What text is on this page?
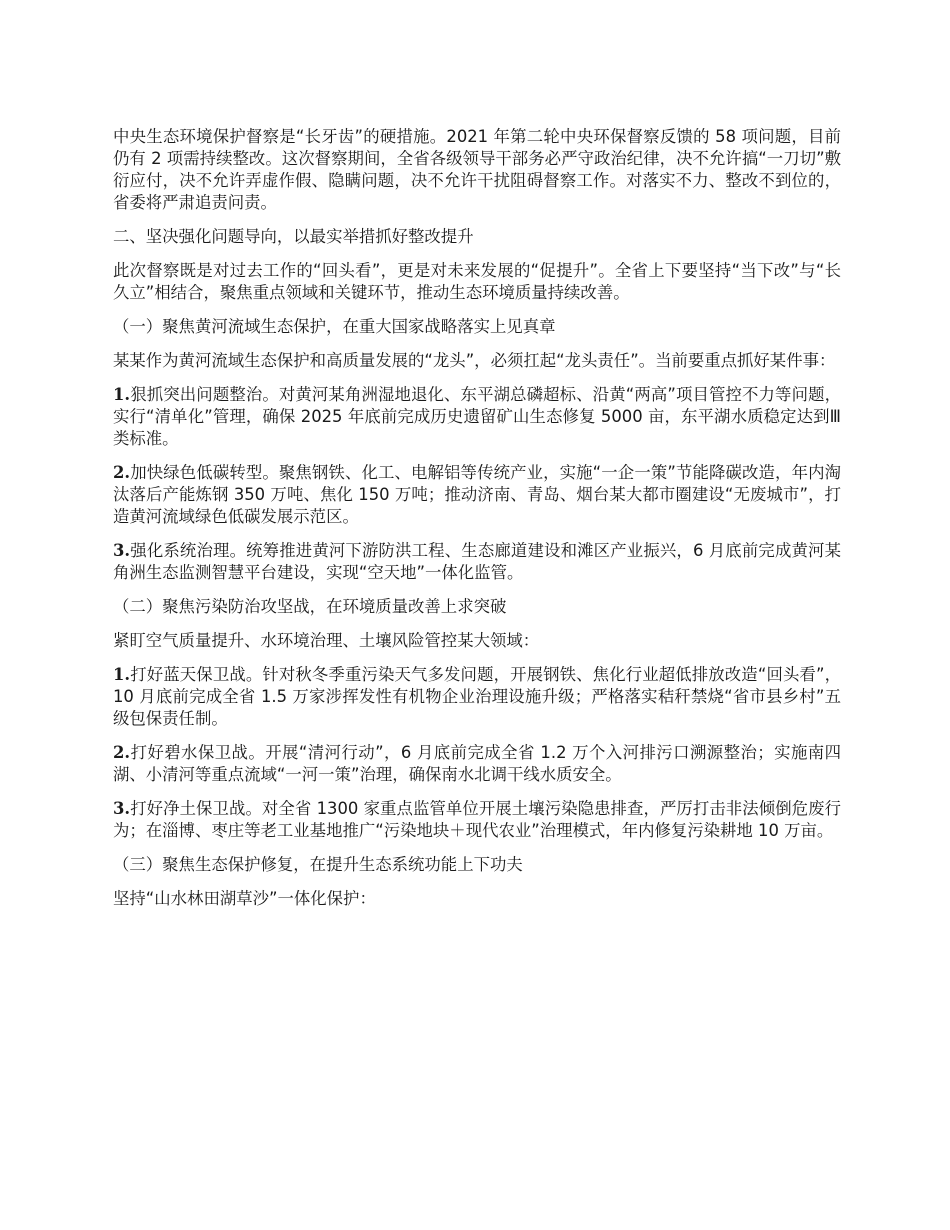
中央生态环境保护督察是“长牙齿”的硬措施。2021 年第二轮中央环保督察反馈的 58 项问题，目前仍有 2 项需持续整改。这次督察期间，全省各级领导干部务必严守政治纪律，决不允许搞“一刀切”敷衍应付，决不允许弄虚作假、隐瞒问题，决不允许干扰阻碍督察工作。对落实不力、整改不到位的，省委将严肃追责问责。

二、坚决强化问题导向，以最实举措抓好整改提升

此次督察既是对过去工作的“回头看”，更是对未来发展的“促提升”。全省上下要坚持“当下改”与“长久立”相结合，聚焦重点领域和关键环节，推动生态环境质量持续改善。

（一）聚焦黄河流域生态保护，在重大国家战略落实上见真章

某某作为黄河流域生态保护和高质量发展的“龙头”，必须扛起“龙头责任”。当前要重点抓好某件事：

1.狠抓突出问题整治。对黄河某角洲湿地退化、东平湖总磷超标、沿黄“两高”项目管控不力等问题，实行“清单化”管理，确保 2025 年底前完成历史遗留矿山生态修复 5000 亩，东平湖水质稳定达到Ⅲ类标准。

2.加快绿色低碳转型。聚焦钢铁、化工、电解铝等传统产业，实施“一企一策”节能降碳改造，年内淘汰落后产能炼钢 350 万吨、焦化 150 万吨；推动济南、青岛、烟台某大都市圈建设“无废城市”，打造黄河流域绿色低碳发展示范区。

3.强化系统治理。统筹推进黄河下游防洪工程、生态廊道建设和滩区产业振兴，6 月底前完成黄河某角洲生态监测智慧平台建设，实现“空天地”一体化监管。

（二）聚焦污染防治攻坚战，在环境质量改善上求突破

紧盯空气质量提升、水环境治理、土壤风险管控某大领域：

1.打好蓝天保卫战。针对秋冬季重污染天气多发问题，开展钢铁、焦化行业超低排放改造“回头看”，10 月底前完成全省 1.5 万家涉挥发性有机物企业治理设施升级；严格落实秸秆禁烧“省市县乡村”五级包保责任制。

2.打好碧水保卫战。开展“清河行动”，6 月底前完成全省 1.2 万个入河排污口溯源整治；实施南四湖、小清河等重点流域“一河一策”治理，确保南水北调干线水质安全。

3.打好净土保卫战。对全省 1300 家重点监管单位开展土壤污染隐患排查，严厉打击非法倾倒危废行为；在淄博、枣庄等老工业基地推广“污染地块＋现代农业”治理模式，年内修复污染耕地 10 万亩。

（三）聚焦生态保护修复，在提升生态系统功能上下功夫

坚持“山水林田湖草沙”一体化保护：
